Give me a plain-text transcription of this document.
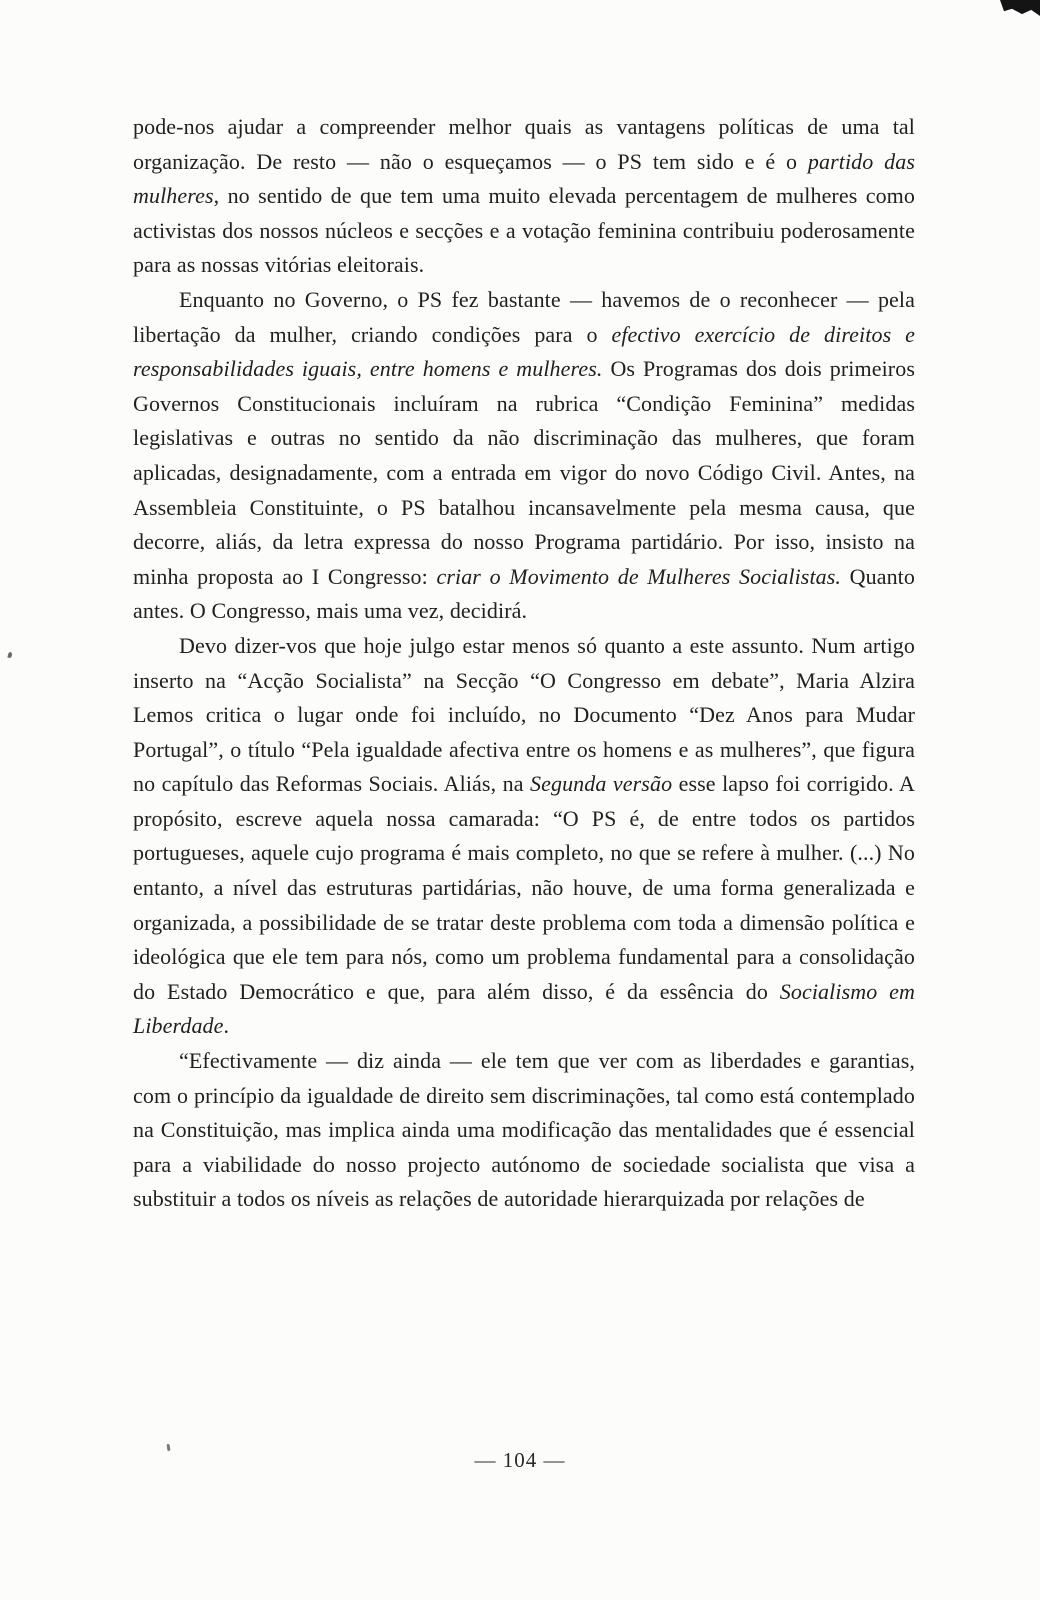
pode-nos ajudar a compreender melhor quais as vantagens políticas de uma tal organização. De resto — não o esqueçamos — o PS tem sido e é o partido das mulheres, no sentido de que tem uma muito elevada percentagem de mulheres como activistas dos nossos núcleos e secções e a votação feminina contribuiu poderosamente para as nossas vitórias eleitorais.

Enquanto no Governo, o PS fez bastante — havemos de o reconhecer — pela libertação da mulher, criando condições para o efectivo exercício de direitos e responsabilidades iguais, entre homens e mulheres. Os Programas dos dois primeiros Governos Constitucionais incluíram na rubrica “Condição Feminina” medidas legislativas e outras no sentido da não discriminação das mulheres, que foram aplicadas, designadamente, com a entrada em vigor do novo Código Civil. Antes, na Assembleia Constituinte, o PS batalhou incansavelmente pela mesma causa, que decorre, aliás, da letra expressa do nosso Programa partidário. Por isso, insisto na minha proposta ao I Congresso: criar o Movimento de Mulheres Socialistas. Quanto antes. O Congresso, mais uma vez, decidirá.

Devo dizer-vos que hoje julgo estar menos só quanto a este assunto. Num artigo inserto na “Acção Socialista” na Secção “O Congresso em debate”, Maria Alzira Lemos critica o lugar onde foi incluído, no Documento “Dez Anos para Mudar Portugal”, o título “Pela igualdade afectiva entre os homens e as mulheres”, que figura no capítulo das Reformas Sociais. Aliás, na Segunda versão esse lapso foi corrigido. A propósito, escreve aquela nossa camarada: “O PS é, de entre todos os partidos portugueses, aquele cujo programa é mais completo, no que se refere à mulher. (...) No entanto, a nível das estruturas partidárias, não houve, de uma forma generalizada e organizada, a possibilidade de se tratar deste problema com toda a dimensão política e ideológica que ele tem para nós, como um problema fundamental para a consolidação do Estado Democrático e que, para além disso, é da essência do Socialismo em Liberdade.

“Efectivamente — diz ainda — ele tem que ver com as liberdades e garantias, com o princípio da igualdade de direito sem discriminações, tal como está contemplado na Constituição, mas implica ainda uma modificação das mentalidades que é essencial para a viabilidade do nosso projecto autónomo de sociedade socialista que visa a substituir a todos os níveis as relações de autoridade hierarquizada por relações de

— 104 —
